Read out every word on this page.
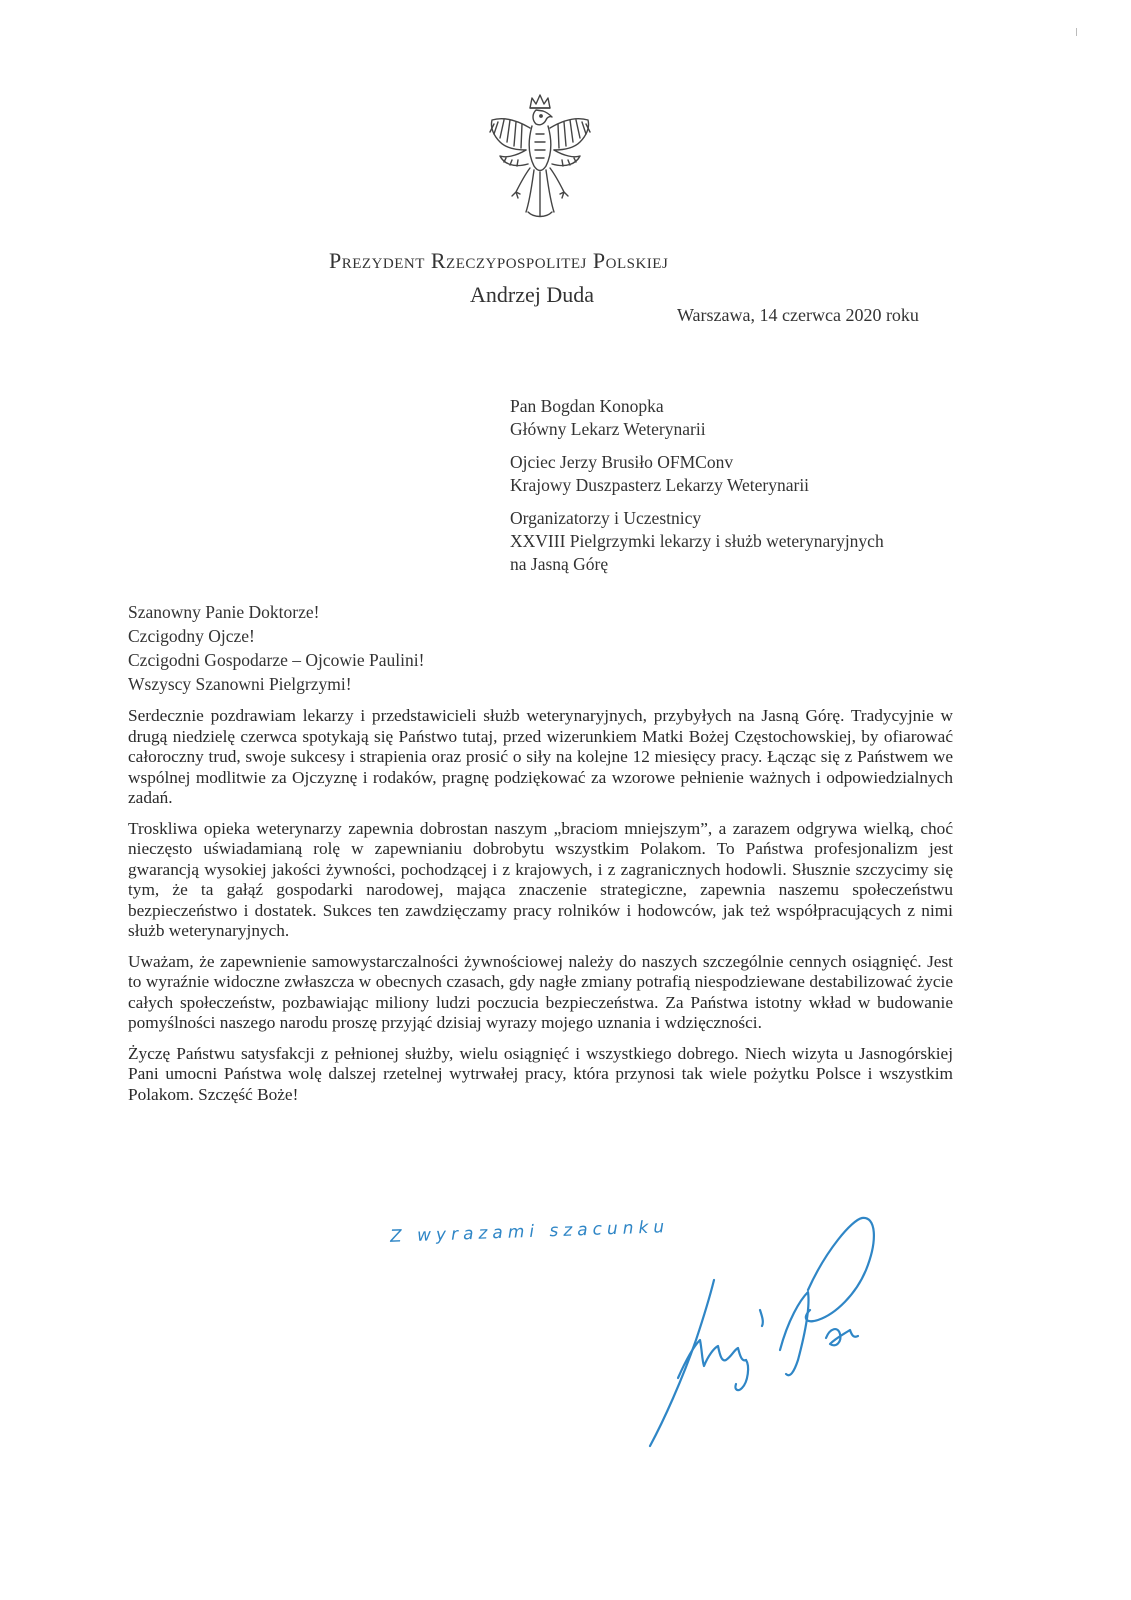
Prezydent Rzeczypospolitej Polskiej
Andrzej Duda
Warszawa, 14 czerwca 2020 roku
Pan Bogdan Konopka
Główny Lekarz Weterynarii
Ojciec Jerzy Brusiło OFMConv
Krajowy Duszpasterz Lekarzy Weterynarii
Organizatorzy i Uczestnicy
XXVIII Pielgrzymki lekarzy i służb weterynaryjnych
na Jasną Górę
Szanowny Panie Doktorze!
Czcigodny Ojcze!
Czcigodni Gospodarze – Ojcowie Paulini!
Wszyscy Szanowni Pielgrzymi!

Serdecznie pozdrawiam lekarzy i przedstawicieli służb weterynaryjnych, przybyłych na Jasną Górę. Tradycyjnie w drugą niedzielę czerwca spotykają się Państwo tutaj, przed wizerunkiem Matki Bożej Częstochowskiej, by ofiarować całoroczny trud, swoje sukcesy i strapienia oraz prosić o siły na kolejne 12 miesięcy pracy. Łącząc się z Państwem we wspólnej modlitwie za Ojczyznę i rodaków, pragnę podziękować za wzorowe pełnienie ważnych i odpowiedzialnych zadań.

Troskliwa opieka weterynarzy zapewnia dobrostan naszym „braciom mniejszym”, a zarazem odgrywa wielką, choć nieczęsto uświadamianą rolę w zapewnianiu dobrobytu wszystkim Polakom. To Państwa profesjonalizm jest gwarancją wysokiej jakości żywności, pochodzącej i z krajowych, i z zagranicznych hodowli. Słusznie szczycimy się tym, że ta gałąź gospodarki narodowej, mająca znaczenie strategiczne, zapewnia naszemu społeczeństwu bezpieczeństwo i dostatek. Sukces ten zawdzięczamy pracy rolników i hodowców, jak też współpracujących z nimi służb weterynaryjnych.

Uważam, że zapewnienie samowystarczalności żywnościowej należy do naszych szczególnie cennych osiągnięć. Jest to wyraźnie widoczne zwłaszcza w obecnych czasach, gdy nagłe zmiany potrafią niespodziewane destabilizować życie całych społeczeństw, pozbawiając miliony ludzi poczucia bezpieczeństwa. Za Państwa istotny wkład w budowanie pomyślności naszego narodu proszę przyjąć dzisiaj wyrazy mojego uznania i wdzięczności.

Życzę Państwu satysfakcji z pełnionej służby, wielu osiągnięć i wszystkiego dobrego. Niech wizyta u Jasnogórskiej Pani umocni Państwa wolę dalszej rzetelnej wytrwałej pracy, która przynosi tak wiele pożytku Polsce i wszystkim Polakom. Szczęść Boże!

Z wyrazami szacunku
